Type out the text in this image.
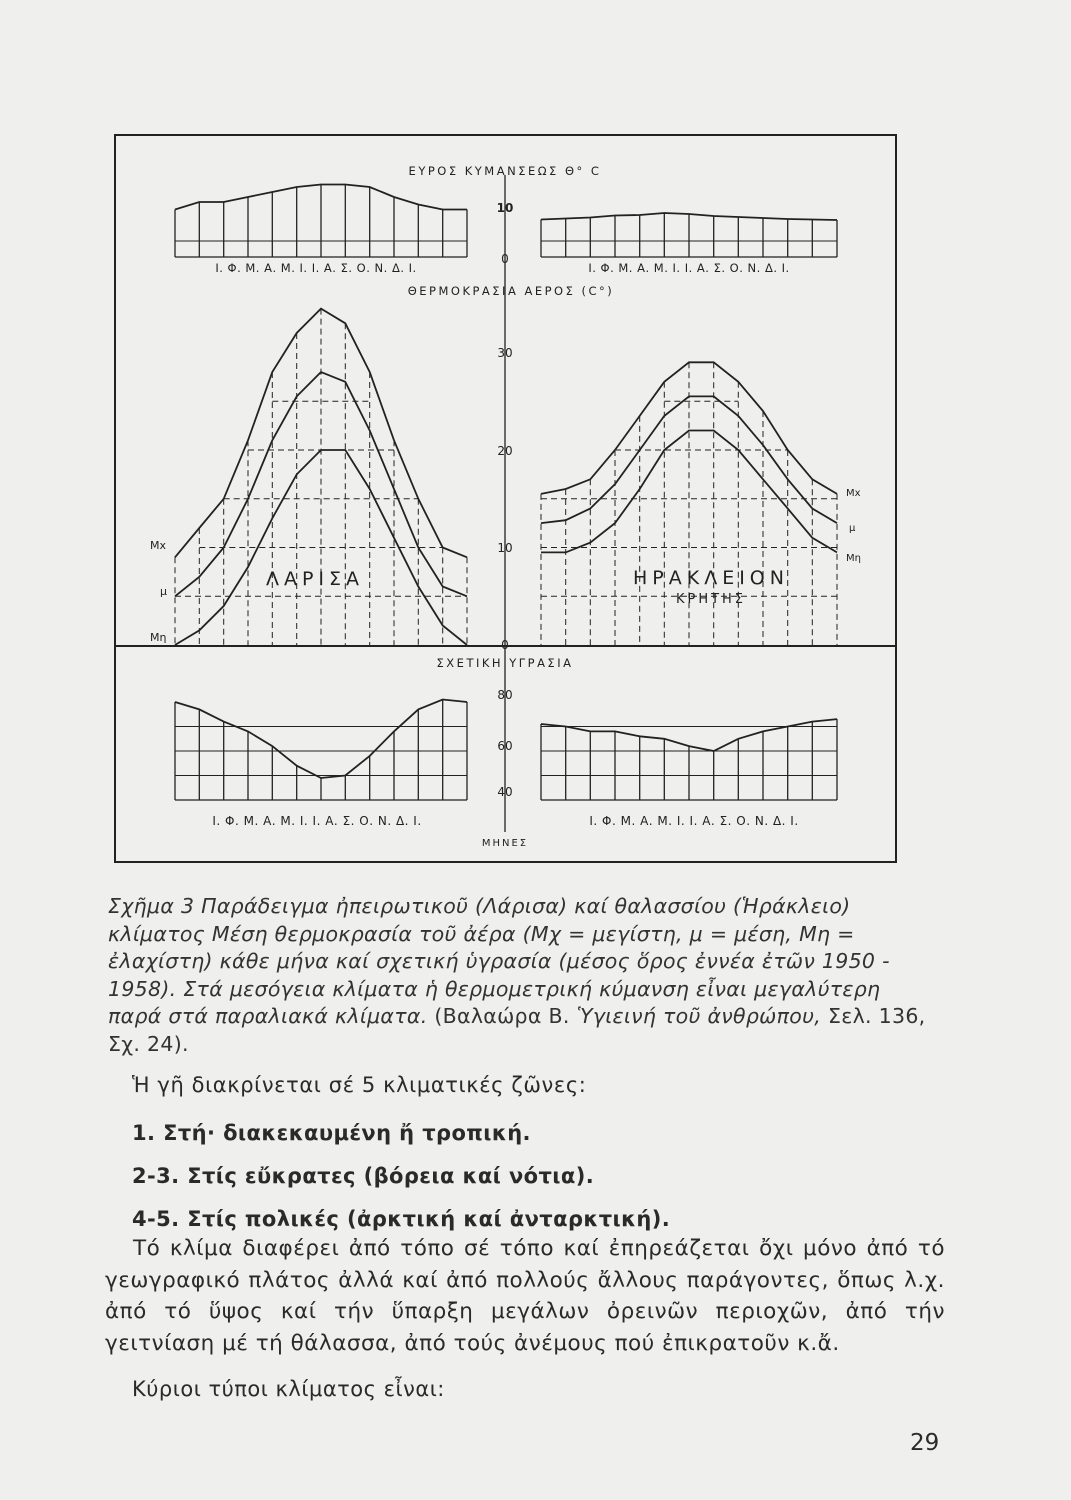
ΕΥΡΟΣ ΚΥΜΑΝΣΕΩΣ Θ° C
10
0
Ι. Φ. Μ. Α. Μ. Ι. Ι. Α. Σ. Ο. Ν. Δ. Ι.	Ι. Φ. Μ. Α. Μ. Ι. Ι. Α. Σ. Ο. Ν. Δ. Ι.
ΘΕΡΜΟΚΡΑΣΙΑ ΑΕΡΟΣ (C°)
30
20
10
0
Μx
μ
Μη
Μx
μ
Μη
ΛΑΡΙΣΑ	ΗΡΑΚΛΕΙΟΝ
ΚΡΗΤΗΣ
ΣΧΕΤΙΚΗ ΥΓΡΑΣΙΑ
80
60
40
Ι. Φ. Μ. Α. Μ. Ι. Ι. Α. Σ. Ο. Ν. Δ. Ι.	Ι. Φ. Μ. Α. Μ. Ι. Ι. Α. Σ. Ο. Ν. Δ. Ι.
ΜΗΝΕΣ
Σχῆμα 3 Παράδειγμα ἠπειρωτικοῦ (Λάρισα) καί θαλασσίου (Ἡράκλειο) κλίματος Μέση θερμοκρασία τοῦ ἀέρα (Μχ = μεγίστη, μ = μέση, Μη = ἐλαχίστη) κάθε μήνα καί σχετική ὑγρασία (μέσος ὅρος ἐννέα ἐτῶν 1950 - 1958). Στά μεσόγεια κλίματα ἡ θερμομετρική κύμανση εἶναι μεγαλύτερη παρά στά παραλιακά κλίματα. (Βαλαώρα Β. Ὑγιεινή τοῦ ἀνθρώπου, Σελ. 136, Σχ. 24).
Ἡ γῆ διακρίνεται σέ 5 κλιματικές ζῶνες:
1. Στή· διακεκαυμένη ἤ τροπική.
2-3. Στίς εὔκρατες (βόρεια καί νότια).
4-5. Στίς πολικές (ἀρκτική καί ἀνταρκτική).
Τό κλίμα διαφέρει ἀπό τόπο σέ τόπο καί ἐπηρεάζεται ὄχι μόνο ἀπό τό γεωγραφικό πλάτος ἀλλά καί ἀπό πολλούς ἄλλους παράγοντες, ὅπως λ.χ. ἀπό τό ὕψος καί τήν ὕπαρξη μεγάλων ὀρεινῶν περιοχῶν, ἀπό τήν γειτνίαση μέ τή θάλασσα, ἀπό τούς ἀνέμους πού ἐπικρατοῦν κ.ἄ.
Κύριοι τύποι κλίματος εἶναι:
29
